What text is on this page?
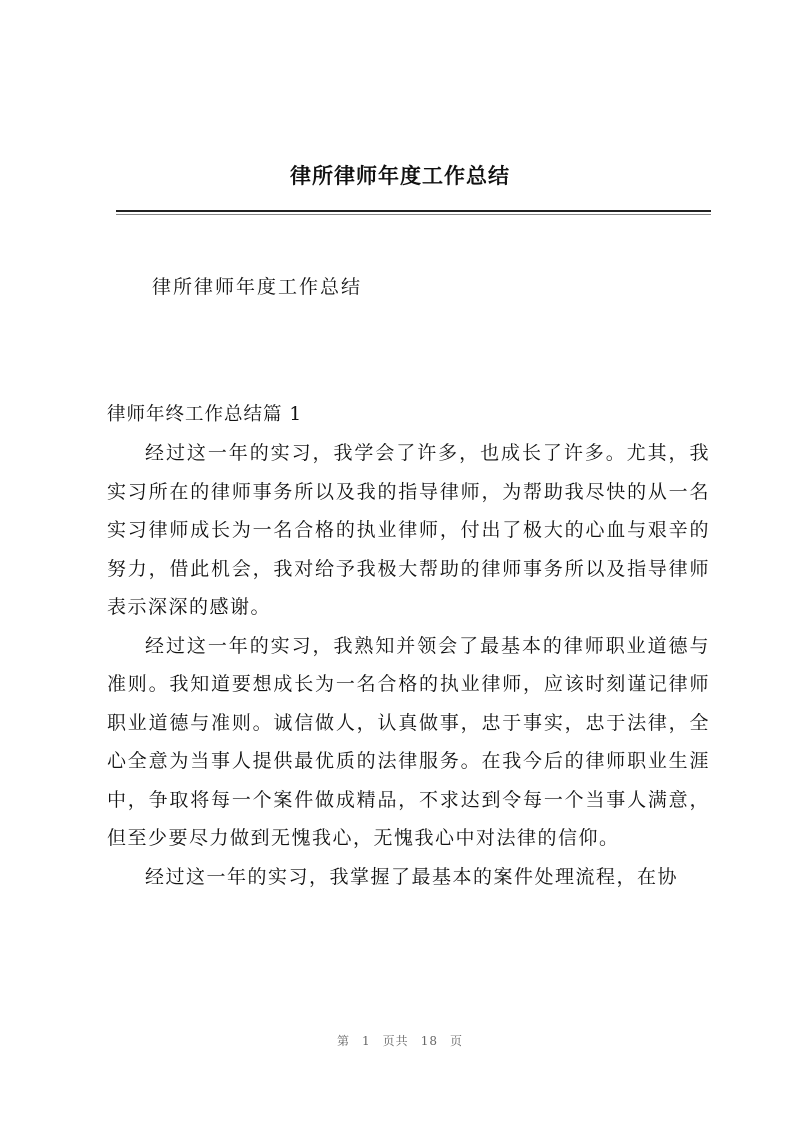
律所律师年度工作总结
律所律师年度工作总结
律师年终工作总结篇 1

经过这一年的实习，我学会了许多，也成长了许多。尤其，我实习所在的律师事务所以及我的指导律师，为帮助我尽快的从一名实习律师成长为一名合格的执业律师，付出了极大的心血与艰辛的努力，借此机会，我对给予我极大帮助的律师事务所以及指导律师表示深深的感谢。

经过这一年的实习，我熟知并领会了最基本的律师职业道德与准则。我知道要想成长为一名合格的执业律师，应该时刻谨记律师职业道德与准则。诚信做人，认真做事，忠于事实，忠于法律，全心全意为当事人提供最优质的法律服务。在我今后的律师职业生涯中，争取将每一个案件做成精品，不求达到令每一个当事人满意，但至少要尽力做到无愧我心，无愧我心中对法律的信仰。

经过这一年的实习，我掌握了最基本的案件处理流程，在协

第 1 页共 18 页
